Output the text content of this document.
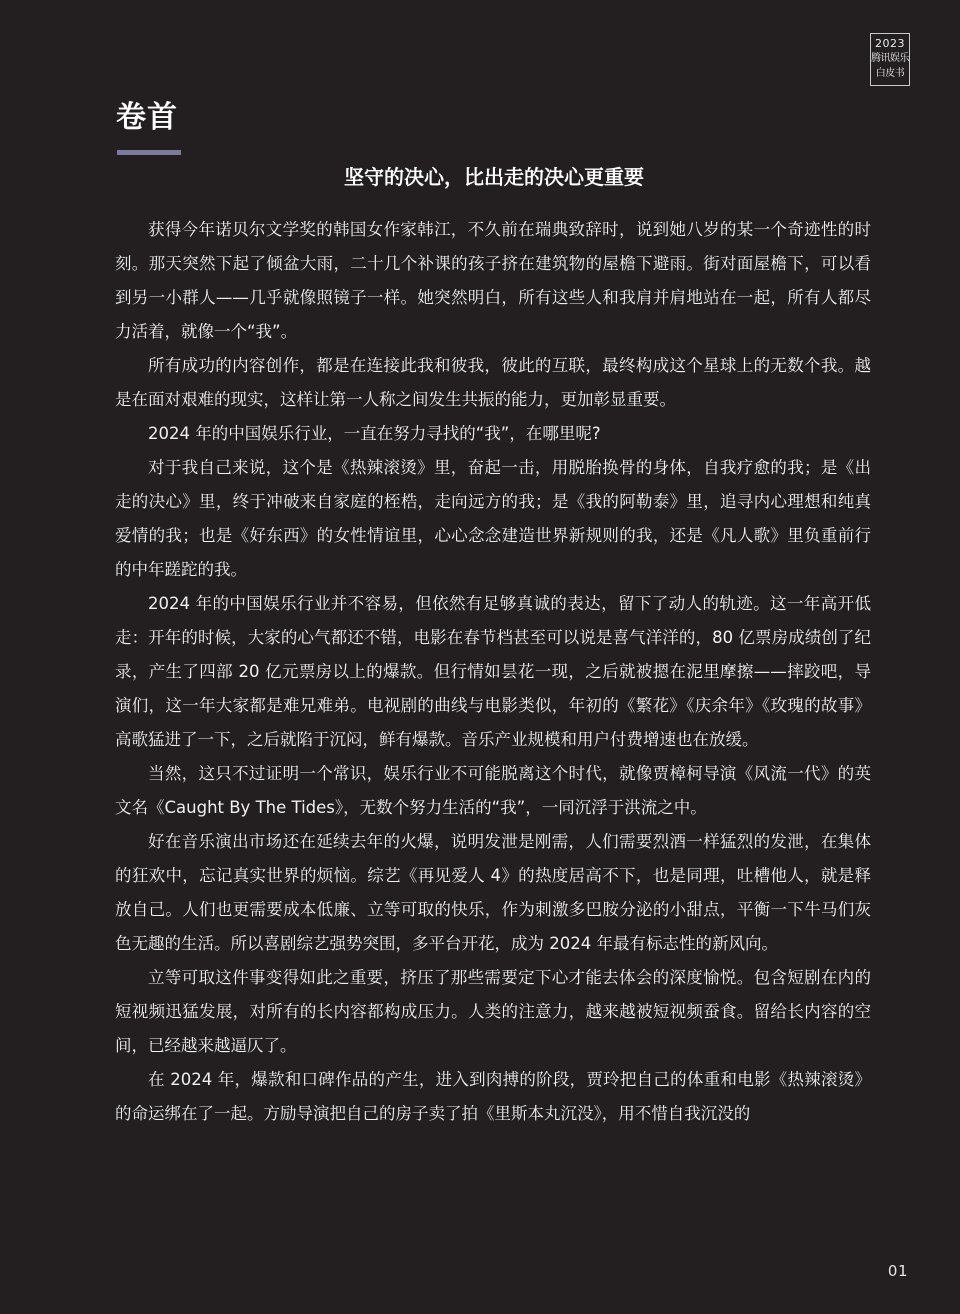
2023
腾讯娱乐
白皮书
卷首
坚守的决心，比出走的决心更重要

获得今年诺贝尔文学奖的韩国女作家韩江，不久前在瑞典致辞时，说到她八岁的某一个奇迹性的时刻。那天突然下起了倾盆大雨，二十几个补课的孩子挤在建筑物的屋檐下避雨。街对面屋檐下，可以看到另一小群人——几乎就像照镜子一样。她突然明白，所有这些人和我肩并肩地站在一起，所有人都尽力活着，就像一个“我”。

所有成功的内容创作，都是在连接此我和彼我，彼此的互联，最终构成这个星球上的无数个我。越是在面对艰难的现实，这样让第一人称之间发生共振的能力，更加彰显重要。

2024 年的中国娱乐行业，一直在努力寻找的“我”，在哪里呢?

对于我自己来说，这个是《热辣滚烫》里，奋起一击，用脱胎换骨的身体，自我疗愈的我；是《出走的决心》里，终于冲破来自家庭的桎梏，走向远方的我；是《我的阿勒泰》里，追寻内心理想和纯真爱情的我；也是《好东西》的女性情谊里，心心念念建造世界新规则的我，还是《凡人歌》里负重前行的中年蹉跎的我。

2024 年的中国娱乐行业并不容易，但依然有足够真诚的表达，留下了动人的轨迹。这一年高开低走：开年的时候，大家的心气都还不错，电影在春节档甚至可以说是喜气洋洋的，80 亿票房成绩创了纪录，产生了四部 20 亿元票房以上的爆款。但行情如昙花一现，之后就被摁在泥里摩擦——摔跤吧，导演们，这一年大家都是难兄难弟。电视剧的曲线与电影类似，年初的《繁花》《庆余年》《玫瑰的故事》高歌猛进了一下，之后就陷于沉闷，鲜有爆款。音乐产业规模和用户付费增速也在放缓。

当然，这只不过证明一个常识，娱乐行业不可能脱离这个时代，就像贾樟柯导演《风流一代》的英文名《Caught By The Tides》，无数个努力生活的“我”，一同沉浮于洪流之中。

好在音乐演出市场还在延续去年的火爆，说明发泄是刚需，人们需要烈酒一样猛烈的发泄，在集体的狂欢中，忘记真实世界的烦恼。综艺《再见爱人 4》的热度居高不下，也是同理，吐槽他人，就是释放自己。人们也更需要成本低廉、立等可取的快乐，作为刺激多巴胺分泌的小甜点，平衡一下牛马们灰色无趣的生活。所以喜剧综艺强势突围，多平台开花，成为 2024 年最有标志性的新风向。

立等可取这件事变得如此之重要，挤压了那些需要定下心才能去体会的深度愉悦。包含短剧在内的短视频迅猛发展，对所有的长内容都构成压力。人类的注意力，越来越被短视频蚕食。留给长内容的空间，已经越来越逼仄了。

在 2024 年，爆款和口碑作品的产生，进入到肉搏的阶段，贾玲把自己的体重和电影《热辣滚烫》的命运绑在了一起。方励导演把自己的房子卖了拍《里斯本丸沉没》，用不惜自我沉没的

01
